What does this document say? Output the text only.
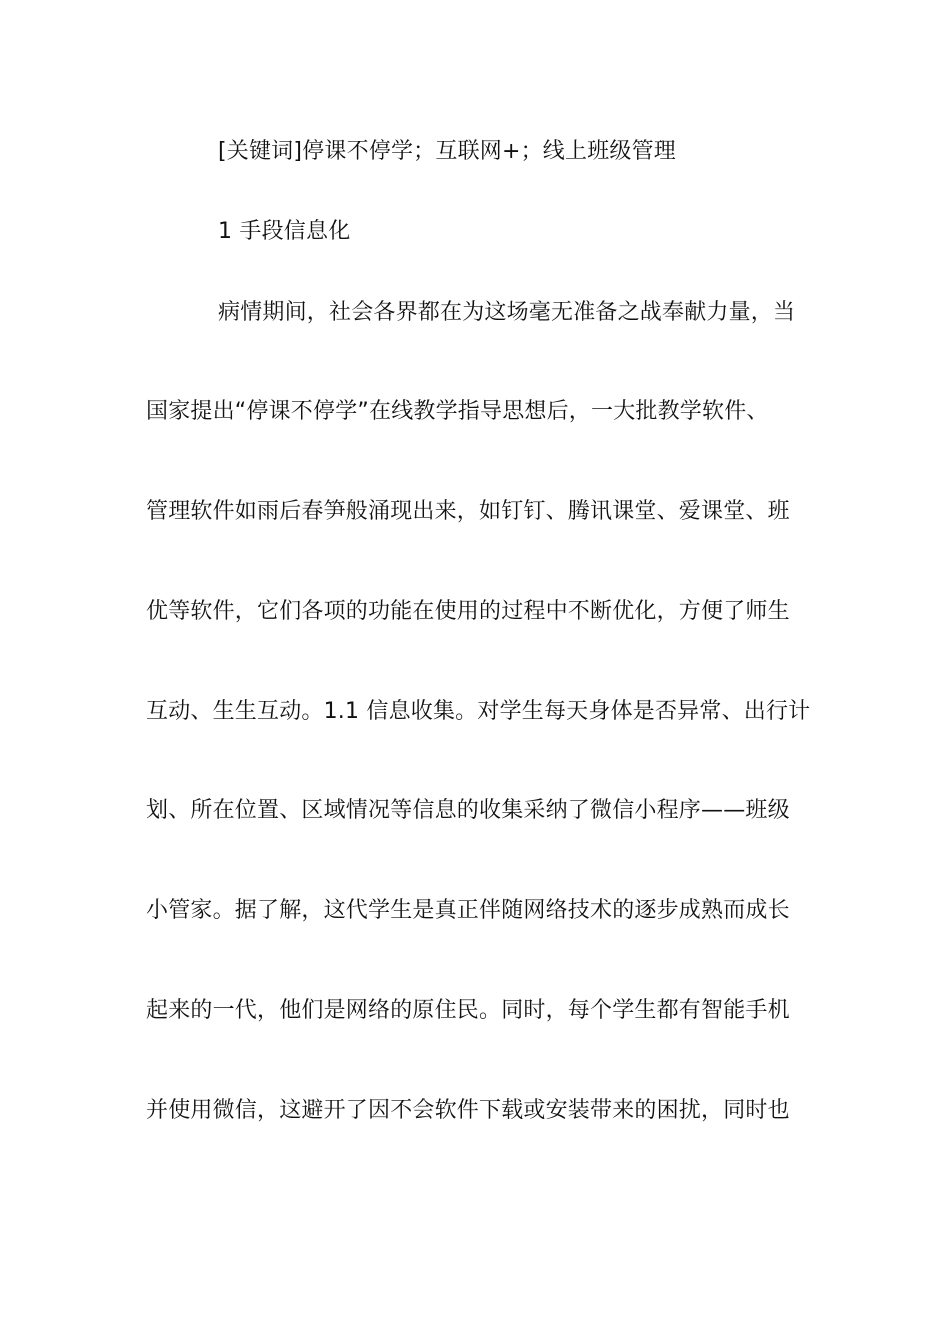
[关键词]停课不停学；互联网+；线上班级管理
1 手段信息化
病情期间，社会各界都在为这场毫无准备之战奉献力量，当
国家提出“停课不停学”在线教学指导思想后，一大批教学软件、
管理软件如雨后春笋般涌现出来，如钉钉、腾讯课堂、爱课堂、班
优等软件，它们各项的功能在使用的过程中不断优化，方便了师生
互动、生生互动。1.1 信息收集。对学生每天身体是否异常、出行计
划、所在位置、区域情况等信息的收集采纳了微信小程序——班级
小管家。据了解，这代学生是真正伴随网络技术的逐步成熟而成长
起来的一代，他们是网络的原住民。同时，每个学生都有智能手机
并使用微信，这避开了因不会软件下载或安装带来的困扰，同时也
